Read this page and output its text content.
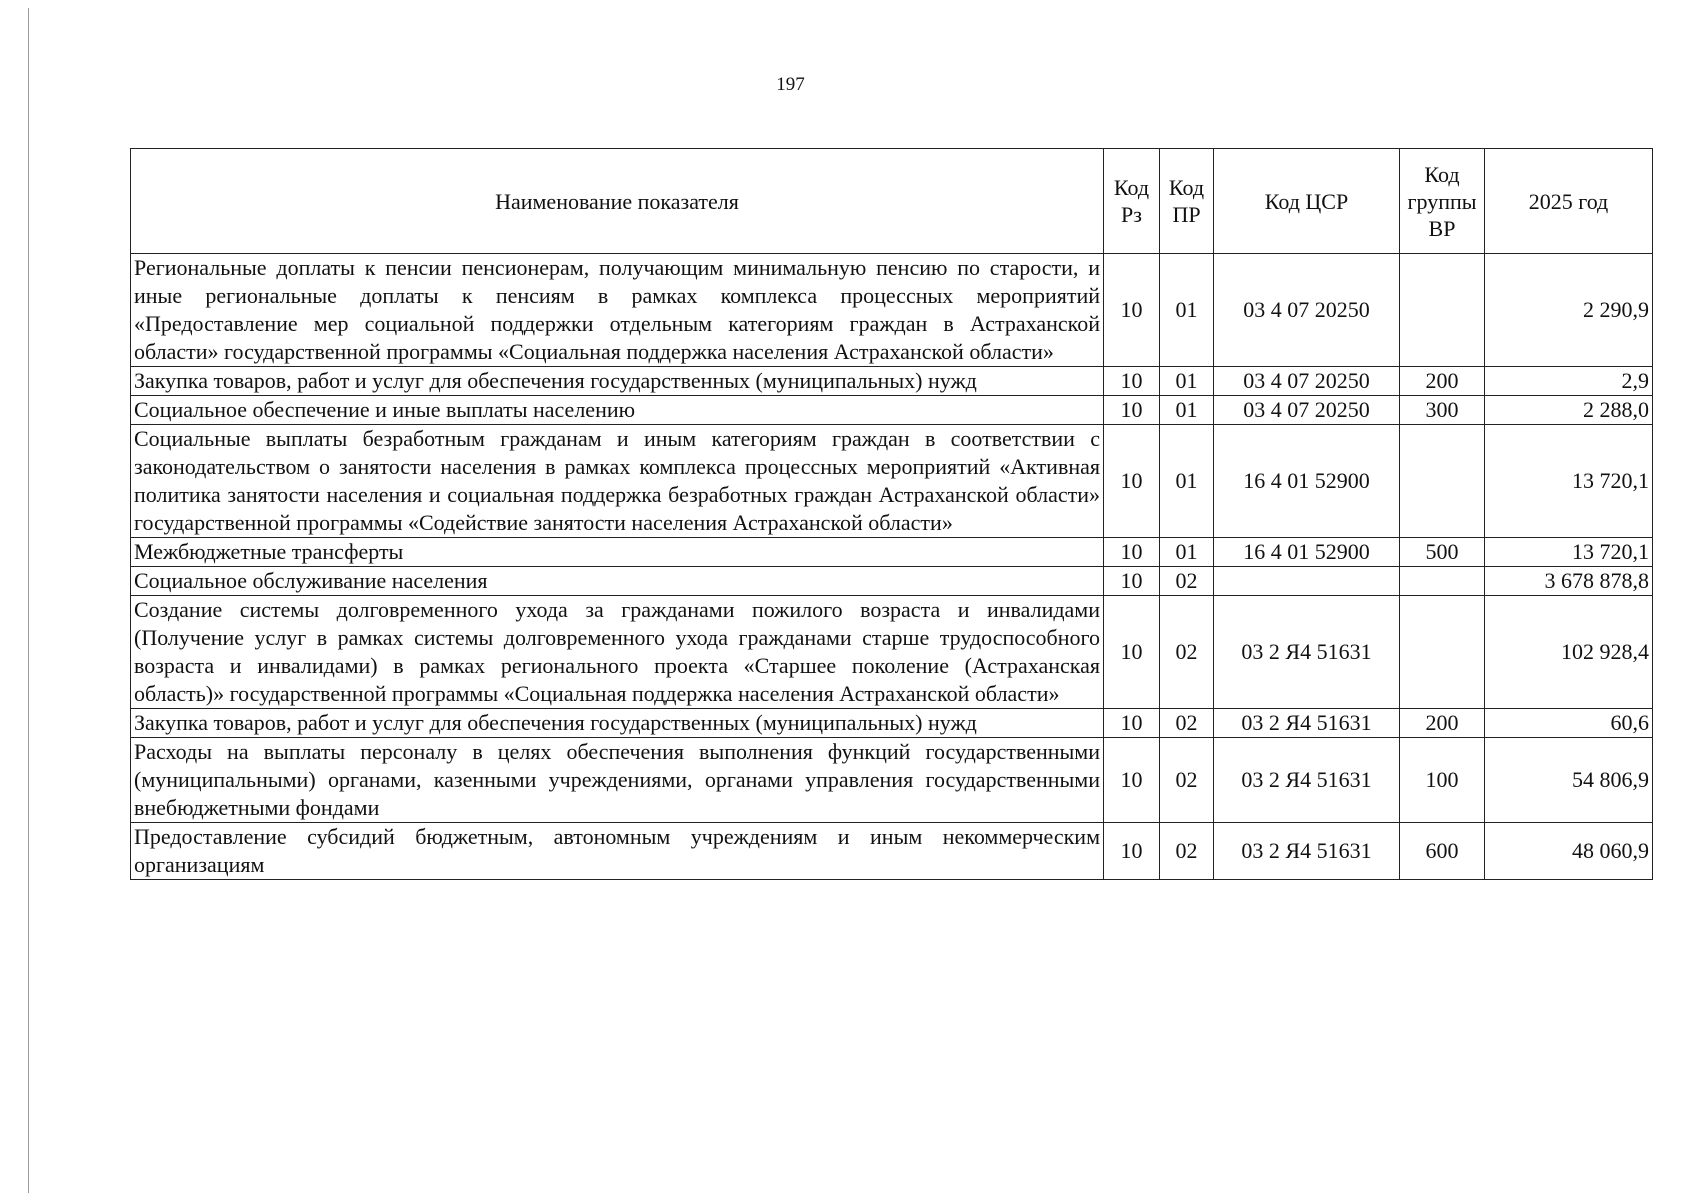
197
Наименование показателя	Код Рз	Код ПР	Код ЦСР	Код группы ВР	2025 год
Региональные доплаты к пенсии пенсионерам, получающим минимальную пенсию по старости, и иные региональные доплаты к пенсиям в рамках комплекса процессных мероприятий «Предоставление мер социальной поддержки отдельным категориям граждан в Астраханской области» государственной программы «Социальная поддержка населения Астраханской области»	10	01	03 4 07 20250		2 290,9
Закупка товаров, работ и услуг для обеспечения государственных (муниципальных) нужд	10	01	03 4 07 20250	200	2,9
Социальное обеспечение и иные выплаты населению	10	01	03 4 07 20250	300	2 288,0
Социальные выплаты безработным гражданам и иным категориям граждан в соответствии с законодательством о занятости населения в рамках комплекса процессных мероприятий «Активная политика занятости населения и социальная поддержка безработных граждан Астраханской области» государственной программы «Содействие занятости населения Астраханской области»	10	01	16 4 01 52900		13 720,1
Межбюджетные трансферты	10	01	16 4 01 52900	500	13 720,1
Социальное обслуживание населения	10	02			3 678 878,8
Создание системы долговременного ухода за гражданами пожилого возраста и инвалидами (Получение услуг в рамках системы долговременного ухода гражданами старше трудоспособного возраста и инвалидами) в рамках регионального проекта «Старшее поколение (Астраханская область)» государственной программы «Социальная поддержка населения Астраханской области»	10	02	03 2 Я4 51631		102 928,4
Закупка товаров, работ и услуг для обеспечения государственных (муниципальных) нужд	10	02	03 2 Я4 51631	200	60,6
Расходы на выплаты персоналу в целях обеспечения выполнения функций государственными (муниципальными) органами, казенными учреждениями, органами управления государственными внебюджетными фондами	10	02	03 2 Я4 51631	100	54 806,9
Предоставление субсидий бюджетным, автономным учреждениям и иным некоммерческим организациям	10	02	03 2 Я4 51631	600	48 060,9
